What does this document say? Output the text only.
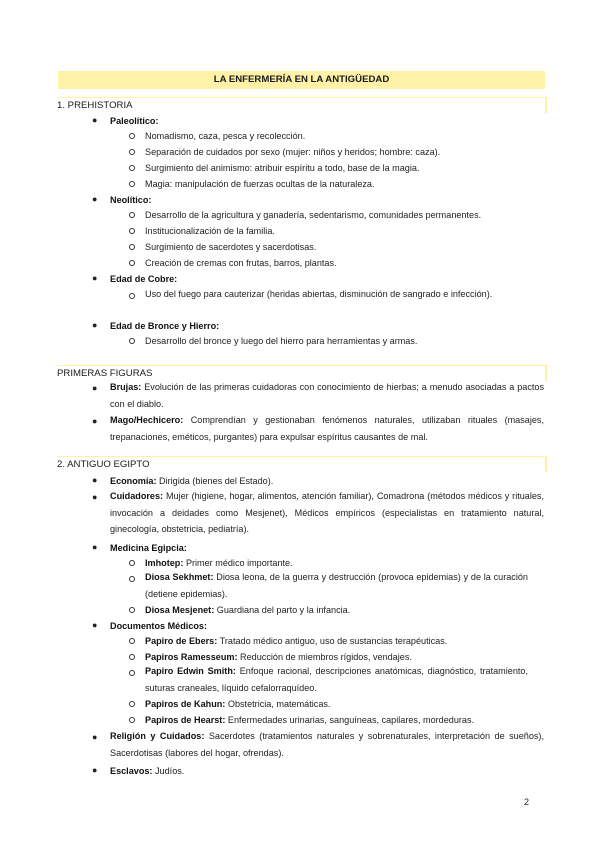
LA ENFERMERÍA EN LA ANTIGÜEDAD
1. PREHISTORIA
● Paleolítico:
Nomadismo, caza, pesca y recolección.
Separación de cuidados por sexo (mujer: niños y heridos; hombre: caza).
Surgimiento del animismo: atribuir espíritu a todo, base de la magia.
Magia: manipulación de fuerzas ocultas de la naturaleza.
● Neolítico:
Desarrollo de la agricultura y ganadería, sedentarismo, comunidades permanentes.
Institucionalización de la familia.
Surgimiento de sacerdotes y sacerdotisas.
Creación de cremas con frutas, barros, plantas.
● Edad de Cobre:
Uso del fuego para cauterizar (heridas abiertas, disminución de sangrado e infección).
● Edad de Bronce y Hierro:
Desarrollo del bronce y luego del hierro para herramientas y armas.
PRIMERAS FIGURAS
● Brujas: Evolución de las primeras cuidadoras con conocimiento de hierbas; a menudo asociadas a pactos con el diablo.
● Mago/Hechicero: Comprendían y gestionaban fenómenos naturales, utilizaban rituales (masajes, trepanaciones, eméticos, purgantes) para expulsar espíritus causantes de mal.
2. ANTIGUO EGIPTO
● Economía: Dirigida (bienes del Estado).
● Cuidadores: Mujer (higiene, hogar, alimentos, atención familiar), Comadrona (métodos médicos y rituales, invocación a deidades como Mesjenet), Médicos empíricos (especialistas en tratamiento natural, ginecología, obstetricia, pediatría).
● Medicina Egipcia:
Imhotep: Primer médico importante.
Diosa Sekhmet: Diosa leona, de la guerra y destrucción (provoca epidemias) y de la curación (detiene epidemias).
Diosa Mesjenet: Guardiana del parto y la infancia.
● Documentos Médicos:
Papiro de Ebers: Tratado médico antiguo, uso de sustancias terapéuticas.
Papiros Ramesseum: Reducción de miembros rígidos, vendajes.
Papiro Edwin Smith: Enfoque racional, descripciones anatómicas, diagnóstico, tratamiento, suturas craneales, líquido cefalorraquídeo.
Papiros de Kahun: Obstetricia, matemáticas.
Papiros de Hearst: Enfermedades urinarias, sanguíneas, capilares, mordeduras.
● Religión y Cuidados: Sacerdotes (tratamientos naturales y sobrenaturales, interpretación de sueños), Sacerdotisas (labores del hogar, ofrendas).
● Esclavos: Judíos.
2
